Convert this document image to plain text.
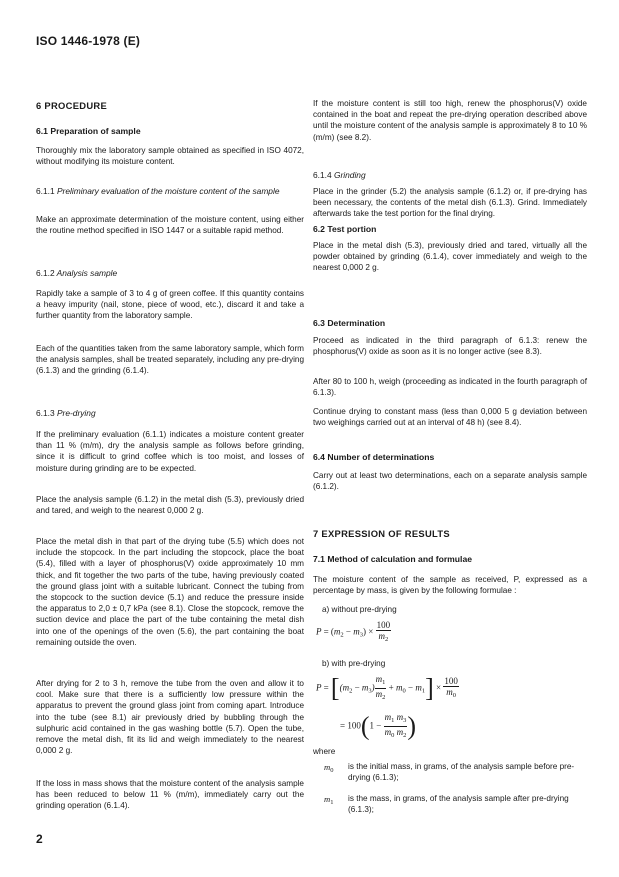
ISO 1446-1978 (E)
6 PROCEDURE
6.1 Preparation of sample
Thoroughly mix the laboratory sample obtained as specified in ISO 4072, without modifying its moisture content.
6.1.1 Preliminary evaluation of the moisture content of the sample
Make an approximate determination of the moisture content, using either the routine method specified in ISO 1447 or a suitable rapid method.
6.1.2 Analysis sample
Rapidly take a sample of 3 to 4 g of green coffee. If this quantity contains a heavy impurity (nail, stone, piece of wood, etc.), discard it and take a further quantity from the laboratory sample.
Each of the quantities taken from the same laboratory sample, which form the analysis samples, shall be treated separately, including any pre-drying (6.1.3) and the grinding (6.1.4).
6.1.3 Pre-drying
If the preliminary evaluation (6.1.1) indicates a moisture content greater than 11 % (m/m), dry the analysis sample as follows before grinding, since it is difficult to grind coffee which is too moist, and losses of moisture during grinding are to be expected.
Place the analysis sample (6.1.2) in the metal dish (5.3), previously dried and tared, and weigh to the nearest 0,000 2 g.
Place the metal dish in that part of the drying tube (5.5) which does not include the stopcock. In the part including the stopcock, place the boat (5.4), filled with a layer of phosphorus(V) oxide approximately 10 mm thick, and fit together the two parts of the tube, having previously coated the ground glass joint with a suitable lubricant. Connect the tubing from the stopcock to the suction device (5.1) and reduce the pressure inside the apparatus to 2,0 ± 0,7 kPa (see 8.1). Close the stopcock, remove the suction device and place the part of the tube containing the metal dish into one of the openings of the oven (5.6), the part containing the boat remaining outside the oven.
After drying for 2 to 3 h, remove the tube from the oven and allow it to cool. Make sure that there is a sufficiently low pressure within the apparatus to prevent the ground glass joint from coming apart. Introduce into the tube (see 8.1) air previously dried by bubbling through the sulphuric acid contained in the gas washing bottle (5.7). Open the tube, remove the metal dish, fit its lid and weigh immediately to the nearest 0,000 2 g.
If the loss in mass shows that the moisture content of the analysis sample has been reduced to below 11 % (m/m), immediately carry out the grinding operation (6.1.4).
2
If the moisture content is still too high, renew the phosphorus(V) oxide contained in the boat and repeat the pre-drying operation described above until the moisture content of the analysis sample is approximately 8 to 10 % (m/m) (see 8.2).
6.1.4 Grinding
Place in the grinder (5.2) the analysis sample (6.1.2) or, if pre-drying has been necessary, the contents of the metal dish (6.1.3). Grind. Immediately afterwards take the test portion for the final drying.
6.2 Test portion
Place in the metal dish (5.3), previously dried and tared, virtually all the powder obtained by grinding (6.1.4), cover immediately and weigh to the nearest 0,000 2 g.
6.3 Determination
Proceed as indicated in the third paragraph of 6.1.3: renew the phosphorus(V) oxide as soon as it is no longer active (see 8.3).
After 80 to 100 h, weigh (proceeding as indicated in the fourth paragraph of 6.1.3).
Continue drying to constant mass (less than 0,000 5 g deviation between two weighings carried out at an interval of 48 h) (see 8.4).
6.4 Number of determinations
Carry out at least two determinations, each on a separate analysis sample (6.1.2).
7 EXPRESSION OF RESULTS
7.1 Method of calculation and formulae
The moisture content of the sample as received, P, expressed as a percentage by mass, is given by the following formulae :
a) without pre-drying
$P = (m_2 - m_3) \times \frac{100}{m_2}$
b) with pre-drying
$P = [(m_2 - m_3) \frac{m_1}{m_2} + m_0 - m_1] \times \frac{100}{m_0}$
= $100(1 - \frac{m_1 m_3}{m_0 m_2}$ )
where
$m_0$ is the initial mass, in grams, of the analysis sample before pre-drying (6.1.3);
$m_1$ is the mass, in grams, of the analysis sample after pre-drying (6.1.3);
